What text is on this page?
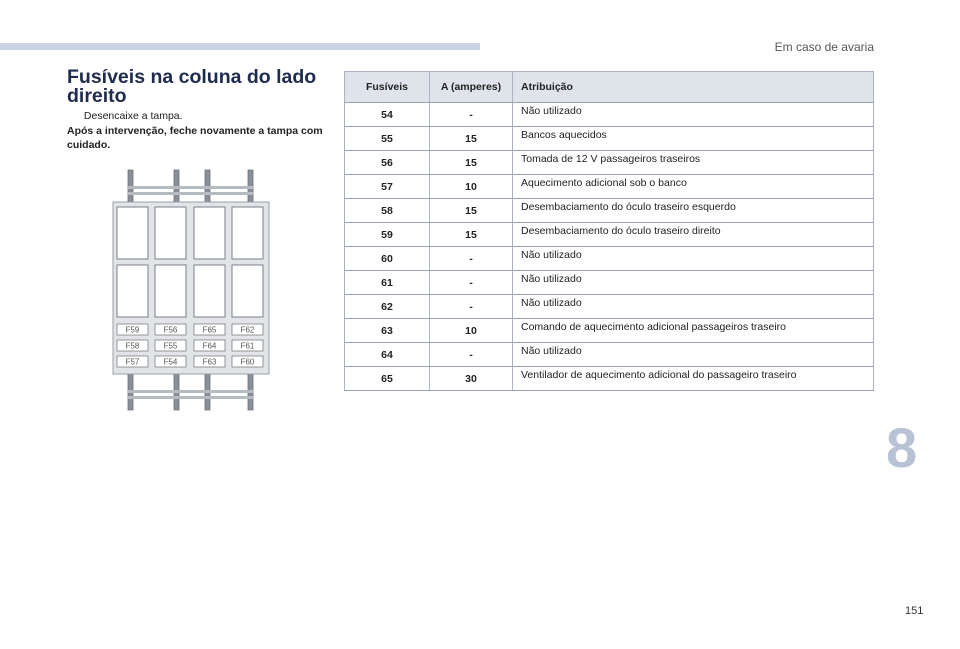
Em caso de avaria
Fusíveis na coluna do lado direito
Desencaixe a tampa.
Após a intervenção, feche novamente a tampa com cuidado.
F59	F56	F65	F62
F58	F55	F64	F61
F57	F54	F63	F60
Fusíveis	A (amperes)	Atribuição
54	-	Não utilizado
55	15	Bancos aquecidos
56	15	Tomada de 12 V passageiros traseiros
57	10	Aquecimento adicional sob o banco
58	15	Desembaciamento do óculo traseiro esquerdo
59	15	Desembaciamento do óculo traseiro direito
60	-	Não utilizado
61	-	Não utilizado
62	-	Não utilizado
63	10	Comando de aquecimento adicional passageiros traseiro
64	-	Não utilizado
65	30	Ventilador de aquecimento adicional do passageiro traseiro
8
151
